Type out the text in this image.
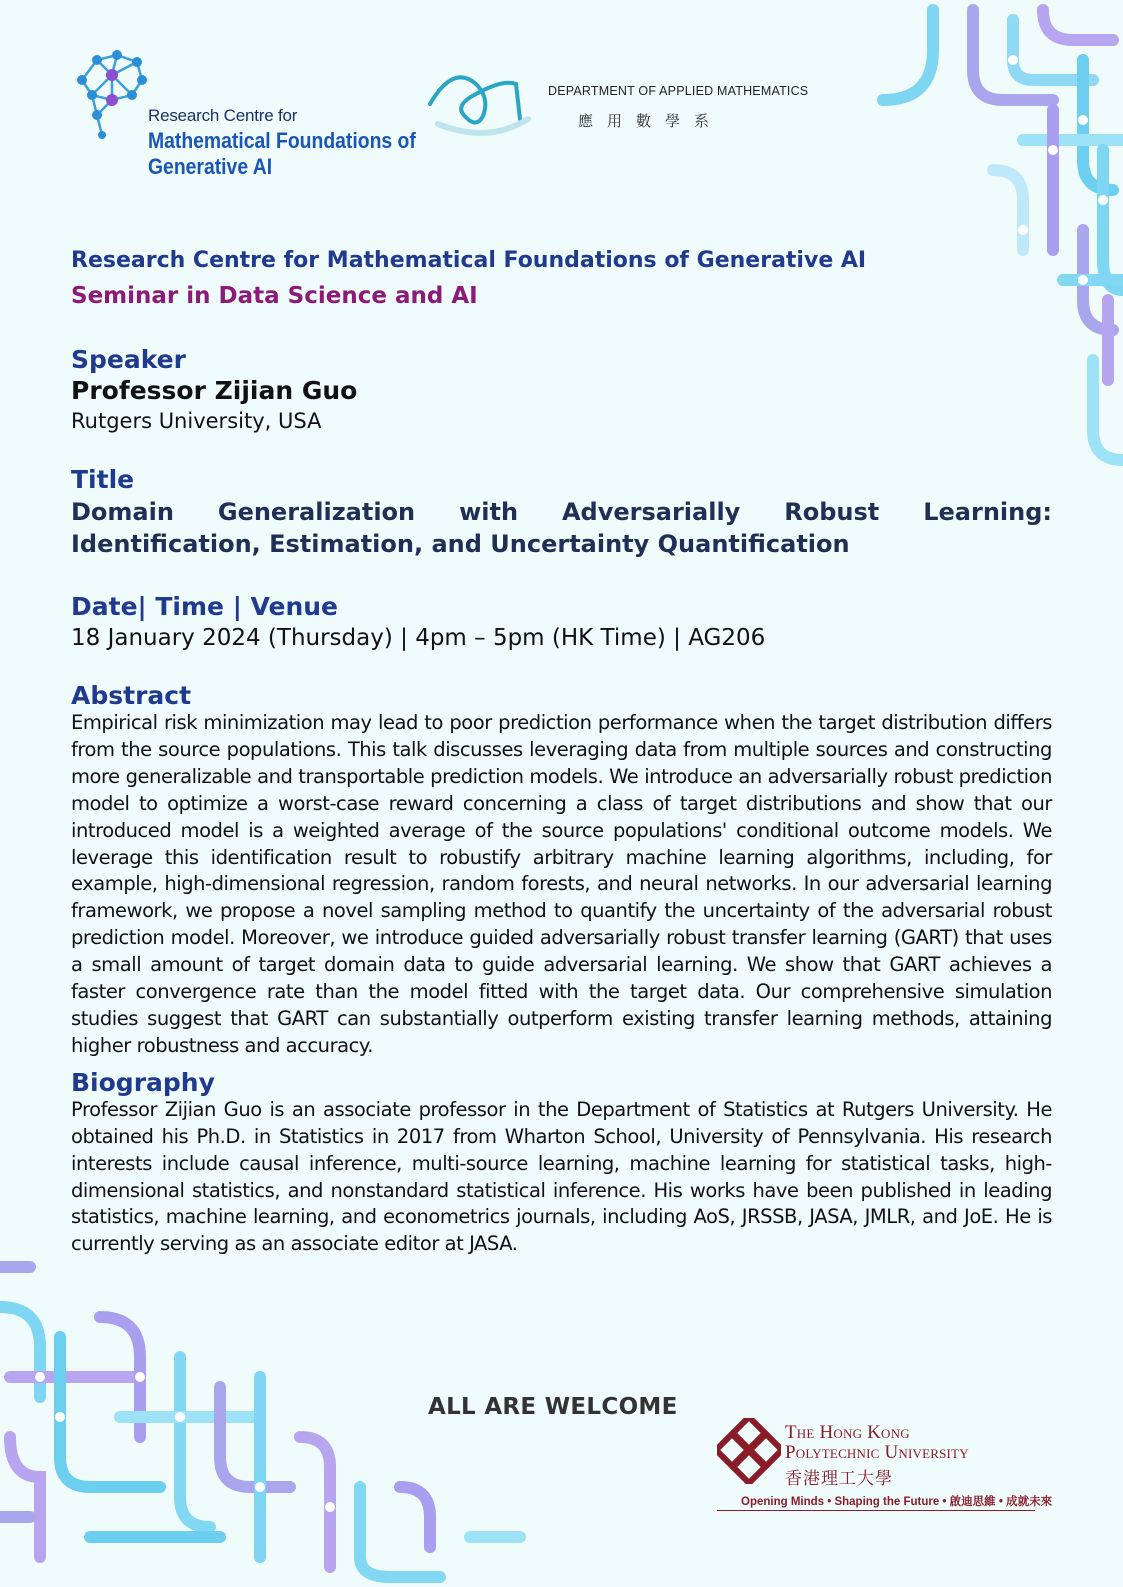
Research Centre for
Mathematical Foundations of
Generative AI
DEPARTMENT OF APPLIED MATHEMATICS
應用數學系
Research Centre for Mathematical Foundations of Generative AI
Seminar in Data Science and AI
Speaker
Professor Zijian Guo
Rutgers University, USA
Title
Domain Generalization with Adversarially Robust Learning:
Identification, Estimation, and Uncertainty Quantification
Date| Time | Venue
18 January 2024 (Thursday) | 4pm – 5pm (HK Time) | AG206
Abstract
Empirical risk minimization may lead to poor prediction performance when the target distribution differs from the source populations. This talk discusses leveraging data from multiple sources and constructing more generalizable and transportable prediction models. We introduce an adversarially robust prediction model to optimize a worst-case reward concerning a class of target distributions and show that our introduced model is a weighted average of the source populations' conditional outcome models. We leverage this identification result to robustify arbitrary machine learning algorithms, including, for example, high-dimensional regression, random forests, and neural networks. In our adversarial learning framework, we propose a novel sampling method to quantify the uncertainty of the adversarial robust prediction model. Moreover, we introduce guided adversarially robust transfer learning (GART) that uses a small amount of target domain data to guide adversarial learning. We show that GART achieves a faster convergence rate than the model fitted with the target data. Our comprehensive simulation studies suggest that GART can substantially outperform existing transfer learning methods, attaining higher robustness and accuracy.
Biography
Professor Zijian Guo is an associate professor in the Department of Statistics at Rutgers University. He obtained his Ph.D. in Statistics in 2017 from Wharton School, University of Pennsylvania. His research interests include causal inference, multi-source learning, machine learning for statistical tasks, high-dimensional statistics, and nonstandard statistical inference. His works have been published in leading statistics, machine learning, and econometrics journals, including AoS, JRSSB, JASA, JMLR, and JoE. He is currently serving as an associate editor at JASA.
ALL ARE WELCOME
The Hong Kong
Polytechnic University
香港理工大學
Opening Minds • Shaping the Future • 啟迪思維 • 成就未來
